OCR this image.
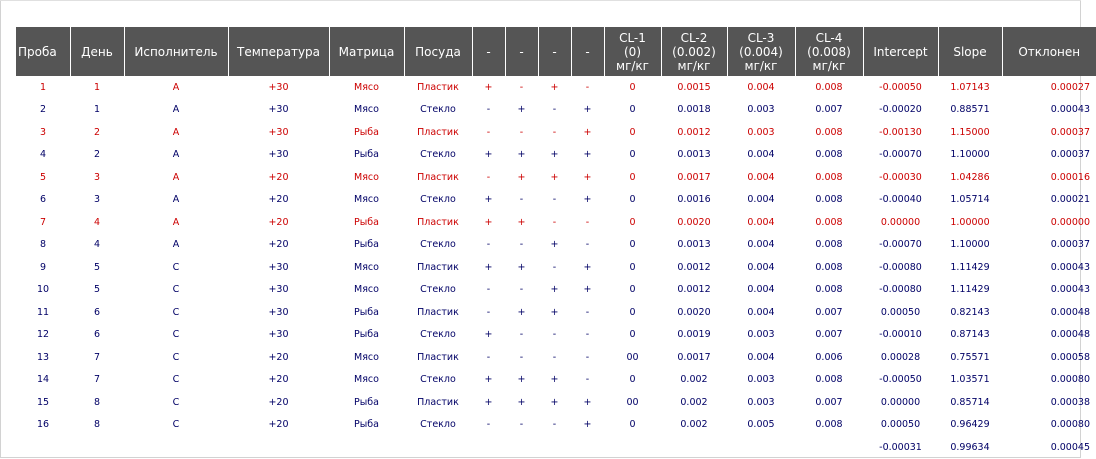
Проба	День	Исполнитель	Температура	Матрица	Посуда	-	-	-	-	CL-1
(0)
мг/кг	CL-2
(0.002)
мг/кг	CL-3
(0.004)
мг/кг	CL-4
(0.008)
мг/кг	Intercept	Slope	Отклонен
1	1	A	+30	Мясо	Пластик	+	-	+	-	0	0.0015	0.004	0.008	-0.00050	1.07143	0.00027
2	1	A	+30	Мясо	Стекло	-	+	-	+	0	0.0018	0.003	0.007	-0.00020	0.88571	0.00043
3	2	A	+30	Рыба	Пластик	-	-	-	+	0	0.0012	0.003	0.008	-0.00130	1.15000	0.00037
4	2	A	+30	Рыба	Стекло	+	+	+	+	0	0.0013	0.004	0.008	-0.00070	1.10000	0.00037
5	3	A	+20	Мясо	Пластик	-	+	+	+	0	0.0017	0.004	0.008	-0.00030	1.04286	0.00016
6	3	A	+20	Мясо	Стекло	+	-	-	+	0	0.0016	0.004	0.008	-0.00040	1.05714	0.00021
7	4	A	+20	Рыба	Пластик	+	+	-	-	0	0.0020	0.004	0.008	0.00000	1.00000	0.00000
8	4	A	+20	Рыба	Стекло	-	-	+	-	0	0.0013	0.004	0.008	-0.00070	1.10000	0.00037
9	5	C	+30	Мясо	Пластик	+	+	-	+	0	0.0012	0.004	0.008	-0.00080	1.11429	0.00043
10	5	C	+30	Мясо	Стекло	-	-	+	+	0	0.0012	0.004	0.008	-0.00080	1.11429	0.00043
11	6	C	+30	Рыба	Пластик	-	+	+	-	0	0.0020	0.004	0.007	0.00050	0.82143	0.00048
12	6	C	+30	Рыба	Стекло	+	-	-	-	0	0.0019	0.003	0.007	-0.00010	0.87143	0.00048
13	7	C	+20	Мясо	Пластик	-	-	-	-	00	0.0017	0.004	0.006	0.00028	0.75571	0.00058
14	7	C	+20	Мясо	Стекло	+	+	+	-	0	0.002	0.003	0.008	-0.00050	1.03571	0.00080
15	8	C	+20	Рыба	Пластик	+	+	+	+	00	0.002	0.003	0.007	0.00000	0.85714	0.00038
16	8	C	+20	Рыба	Стекло	-	-	-	+	0	0.002	0.005	0.008	0.00050	0.96429	0.00080
														-0.00031	0.99634	0.00045
